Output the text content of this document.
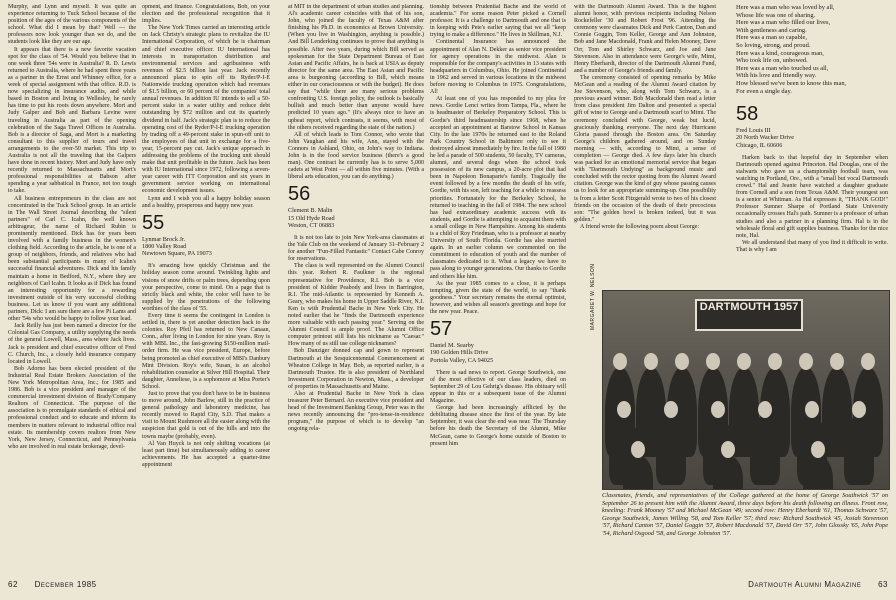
Murphy, and Lynn and myself. It was quite an experience returning to Tuck School because of the position of the ages of the various components of the school. What did I mean by that? Well — the professors now look younger than we do, and the students look like they are our age.

It appears that there is a new favorite vacation spot for the class of '54. Would you believe that in one week three '54s were in Australia? R. D. Lewis returned to Australia, where he had spent three years as a partner in the Ernst and Whinney office, for a week of special assignment with that office. R.D. is now specializing in insurance audits, and while based in Boston and living in Wellesley, he rarely has time to put his roots down anywhere. Mort and Judy Galper and Bob and Barbara Levine were traveling in Australia as part of the opening celebration of the Saga Travel Offices in Australia. Bob is a director of Saga, and Mort is a marketing consultant to this supplier of tours and travel arrangements to the over-50 market. This trip to Australia is not all the traveling that the Galpers have done in recent history. Mort and Judy have only recently returned to Massachusetts and Mort's professional responsibilities at Babson after spending a year sabbatical in France, not too tough to take.

All business entrepreneurs in the class are not concentrated in the Tuck School group. In an article in The Wall Street Journal describing the "silent partners" of Carl C. Icahn, the well known arbitrageur, the name of Richard Rubin is prominently mentioned. Dick has for years been involved with a family business in the women's clothing field. According to the article, he is one of a group of neighbors, friends, and relatives who had been substantial participants in many of Icahn's successful financial adventures. Dick and his family maintain a home in Bedford, N.Y., where they are neighbors of Carl Icahn. It looks as if Dick has found an interesting opportunity for a rewarding investment outside of his very successful clothing business. Let us know if you want any additional partners, Dick: I am sure there are a few Pi Lams and other '54s who would be happy to follow your lead.

Jack Reilly has just been named a director for the Colonial Gas Company, a utility supplying the needs of the general Lowell, Mass., area where Jack lives. Jack is president and chief executive officer of Fred C. Church, Inc., a closely held insurance company located in Lowell.

Bob Adorno has been elected president of the Industrial Real Estate Brokers Association of the New York Metropolitan Area, Inc.; for 1985 and 1986. Bob is a vice president and manager of the commercial investment division of Brady/Company Realtors of Connecticut. The purpose of the association is to promulgate standards of ethical and professional conduct and to educate and inform its members in matters relevant to industrial office real estate. Its membership covers realtors from New York, New Jersey, Connecticut, and Pennsylvania who are involved in real estate brokerage, devel-

opment, and finance. Congratulations, Bob, on your election and the professional recognition that it implies.

The New York Times carried an interesting article on Jack Christy's strategic plans to revitalize the IU International Corporation, of which he is chairman and chief executive officer. IU International has interests in transportation distribution and environmental services and agribusiness with revenues of $2.5 billion last year. Jack recently announced plans to spin off its Ryder/P-I-E Nationwide trucking operation which had revenues of $1.5 billion, or 60 percent of the companies' total annual revenues. In addition IU intends to sell a 50-percent stake in a water utility and reduce debt outstanding by $72 million and cut its quarterly dividend in half. Jack's strategic plan is to reduce the operating cost of the Ryder/P-I-E trucking operation by trading off a 49-percent stake in spun-off unit to the employees of that unit in exchange for a five-year, 15-percent pay cut. Jack's unique approach in addressing the problems of the trucking unit should make that unit profitable in the future. Jack has been with IU International since 1972, following a seven-year career with ITT Corporation and six years in government service working on international economic development issues.

Lynn and I wish you all a happy holiday season and a healthy, prosperous and happy new year.

55
Lynmar Brock Jr.
1800 Valley Road
Newtown Square, PA 19073

It's amazing how quickly Christmas and the holiday season come around. Twinkling lights and visions of snow drifts or palm trees, depending upon your perspective, come to mind. On a page that is strictly black and white, the color will have to be supplied by the penetrations of the following worthies of the class of '55.

Every time it seems the contingent in London is settled in, there is yet another detection back to the colonies. Roy Pfeil has returned to New Canaan, Conn., after living in London for nine years. Roy is with MBL Inc., the fast-growing $150-million mail-order firm. He was vice president, Europe, before being promoted as chief executive of MBI's Danbury Mint Division. Roy's wife, Susan, is an alcohol rehabilitation counselor at Silver Hill Hospital. Their daughter, Anneliese, is a sophomore at Miss Porter's School.

Just to prove that you don't have to be in business to move around, John Barlow, still in the practice of general pathology and laboratory medicine, has recently moved to Rapid City, S.D. That makes a visit to Mount Rushmore all the easier along with the suspicion that gold is out of the hills and into the towns maybe (probably, even).

Al Van Huyck is not only shifting vocations (at least part time) but simultaneously adding to career achievements. He has accepted a quarter-time appointment

at MIT in the department of urban studies and planning. Al's academic career coincides with that of his son, John, who joined the faculty of Texas A&M after finishing his Ph.D. in economics at Brown University. (When you live in Washington, anything is possible.) And Bill Lenderking continues to prove that anything is possible. After two years, during which Bill served as spokesman for the State Department Bureau of East Asian and Pacific Affairs, he is back at USIA as deputy director for the same area. The East Asian and Pacific area is burgeoning (according to Bill, which means either in our consciousness or with the budget). He does say that "while there are many serious problems confronting U.S. foreign policy, the outlook is basically bullish and much better than anyone would have predicted 10 years ago." (It's always nice to have an upbeat report, which contrasts, it seems, with most of the others received regarding the state of the nation.)

All of which leads to Tom Connor, who wrote that John Vaughan and his wife, Ann, stayed with the Connors in Ashland, Ohio, on John's way to Indiana. John is in the food service business (there's a good man). One contract he currently has is to serve 5,000 cadets at West Point — all within five minutes. (With a liberal arts education, you can do anything.)

56
Clement B. Malin
15 Old Hyde Road
Weston, CT 06883

It is not too late to join New York-area classmates at the Yale Club on the weekend of January 31–February 2 for another "Fun-Filled Fantastic" Contact Cabe Conroy for reservations.

The class is well represented on the Alumni Council this year. Robert R. Faulkner is the regional representative for Providence, R.I. Bob is a vice president of Kidder Peabody and lives in Barrington, R.I. The mid-Atlantic is represented by Kenneth A. Geary, who makes his home in Upper Saddle River, N.J. Ken is with Prudential Bache in New York City. He noted earlier that he "finds the Dartmouth experience more valuable with each passing year." Serving on the Alumni Council is ample proof. The Alumni Office computer printout still lists his nickname as "Caesar." How many of us still use college nicknames?

Bob Danziger donned cap and gown to represent Dartmouth at the Sesquicentennial Commencement at Wheaton College in May. Bob, as reported earlier, is a Dartmouth Trustee. He is also president of Northland Investment Corporation in Newton, Mass., a developer of properties in Massachusetts and Maine.

Also at Prudential Bache in New York is class treasurer Peter Bernard. An executive vice president and head of the Investment Banking Group, Peter was in the news recently announcing the "pro-tense-in-residence program," the purpose of which is to develop "an ongoing rela-

tionship between Prudential Bache and the world of academia." For some reason Peter picked a Cornell professor. It is a challenge to Dartmouth and one that is in keeping with Pete's earlier saying that we all "keep trying to make a difference." He lives in Skillman, N.J.

Continental Insurance has announced the appointment of Alan N. Dekker as senior vice president for agency operations in the midwest. Alan is responsible for the company's activities in 13 states with headquarters in Columbus, Ohio. He joined Continental in 1962 and served in various locations in the midwest before moving to Columbus in 1975. Congratulations, Al!

At least one of you has responded to my plea for news. Gordie Lenci writes from Tampa, Fla., where he is headmaster of Berkeley Preparatory School. This is Gordie's third headmastership since 1968, when he accepted an appointment at Barstow School in Kansas City. In the late 1970s he returned east to the Roland Park Country School in Baltimore only to see it destroyed almost immediately by fire. In the fall of 1980 he led a parade of 500 students, 50 faculty, TV cameras, alumni, and several dogs when the school took possession of its new campus, a 20-acre plot that had been in Napoleon Bonaparte's family. Tragically the event followed by a few months the death of his wife, Gordie, with his son, left teaching for a while to reassess priorities. Fortunately for the Berkeley School, he returned to teaching in the fall of 1984. The new school has had extraordinary academic success with its students, and Gordie is attempting to acquaint them with a small college in New Hampshire. Among his students is a child of Roy Friedman, who is a professor at nearby University of South Florida. Gordie has also married again. In an earlier column we commented on the commitment to education of youth and the number of classmates dedicated to it. What a legacy we have to pass along to younger generations. Our thanks to Gordie and others like him.

As the year 1985 comes to a close, it is perhaps tempting, given the state of the world, to say "thank goodness." Your secretary remains the eternal optimist, however, and wishes all season's greetings and hope for the new year. Peace.

57
Daniel M. Searby
190 Golden Hills Drive
Portola Valley, CA 94025

There is sad news to report. George Southwick, one of the most effective of our class leaders, died on September 29 of Lou Gehrig's disease. His obituary will appear in this or a subsequent issue of the Alumni Magazine.

George had been increasingly afflicted by the debilitating disease since the first of the year. By late September, it was clear the end was near. The Thursday before his death the Secretary of the Alumni, Mike McGean, came to George's home outside of Boston to present him

with the Dartmouth Alumni Award. This is the highest alumni honor, with previous recipients including Nelson Rockefeller '30 and Robert Frost '96. Attending the ceremony were classmates Dick and Perk Canton, Dan and Connie Goggin, Tom Keller, George and Ann Johnston, Bob and Jane Macdonald, Frank and Helen Mooney, Dave Orr, Tom and Shirley Schwarz, and Joe and Jane Stevenson. Also in attendance were George's wife, Mimi, Henry Eberhardt, director of the Dartmouth Alumni Fund, and a number of George's friends and family.

The ceremony consisted of opening remarks by Mike McGean and a reading of the Alumni Award citation by Joe Stevenson, who, along with Tom Schwarz, is a previous award winner. Bob Macdonald then read a letter from class president Jim Dalton and presented a special gift of wine to George and a Dartmouth scarf to Mimi. The ceremony concluded with George, weak but lucid, graciously thanking everyone. The next day Hurricane Gloria passed through the Boston area. On Saturday George's children gathered around, and on Sunday morning — with, according to Mimi, a sense of completion — George died. A few days later his church was packed for an emotional memorial service that began with "Dartmouth Undying" as background music and concluded with the rector quoting from the Alumni Award citation. George was the kind of guy whose passing causes us to look for an appropriate summing-up. One possibility is from a letter Scott Fitzgerald wrote to two of his closest friends on the occasion of the death of their precocious son: "The golden bowl is broken indeed, but it was golden."

A friend wrote the following poem about George:

Here was a man who was loved by all,
Whose life was one of sharing.
Here was a man who filled our lives,
With gentleness and caring.
Here was a man so capable,
So loving, strong, and proud.
Here was a kind, courageous man,
Who took life on, unbowed.
Here was a man who touched us all,
With his love and friendly way.
How blessed we've been to know this man,
For even a single day.
58
Fred Louis III
20 North Wacker Drive
Chicago, IL 60606

Harken back to that hopeful day in September when Dartmouth opened against Princeton. Hal Douglas, one of the stalwarts who gave us a championship football team, was watching in Portland, Ore., with a "small but vocal Dartmouth crowd." Hal and Jeanie have watched a daughter graduate from Cornell and a son from Texas A&M. Their youngest son is a senior at Whitman. As Hal expresses it, "THANK GOD!" Professor Sumner Sharpe of Portland State University occasionally crosses Hal's path. Sumner is a professor of urban studies and also a partner in a planning firm. Hal is in the wholesale floral and gift supplies business. Thanks for the nice note, Hal.

We all understand that many of you find it difficult to write. That is why I am

MARGARET W. NELSON	DARTMOUTH 1957
Classmates, friends, and representatives of the College gathered at the home of George Southwick '57 on September 26 to present him with the Alumni Award, three days before his death following an illness. Front row, kneeling: Frank Mooney '57 and Michael McGean '49; second row: Henry Eberhardt '61, Thomas Schwarz '57, George Southwick, James Willing '58, and Tom Keller '57; third row: Richard Southwick '45, Josiah Stevenson '57, Richard Canton '57, Daniel Goggin '57, Robert Macdonald '57, David Orr '57, John Glossky '65, John Pope '54, Richard Osgood '58, and George Johnston '57.
62 December 1985	Dartmouth Alumni Magazine 63
